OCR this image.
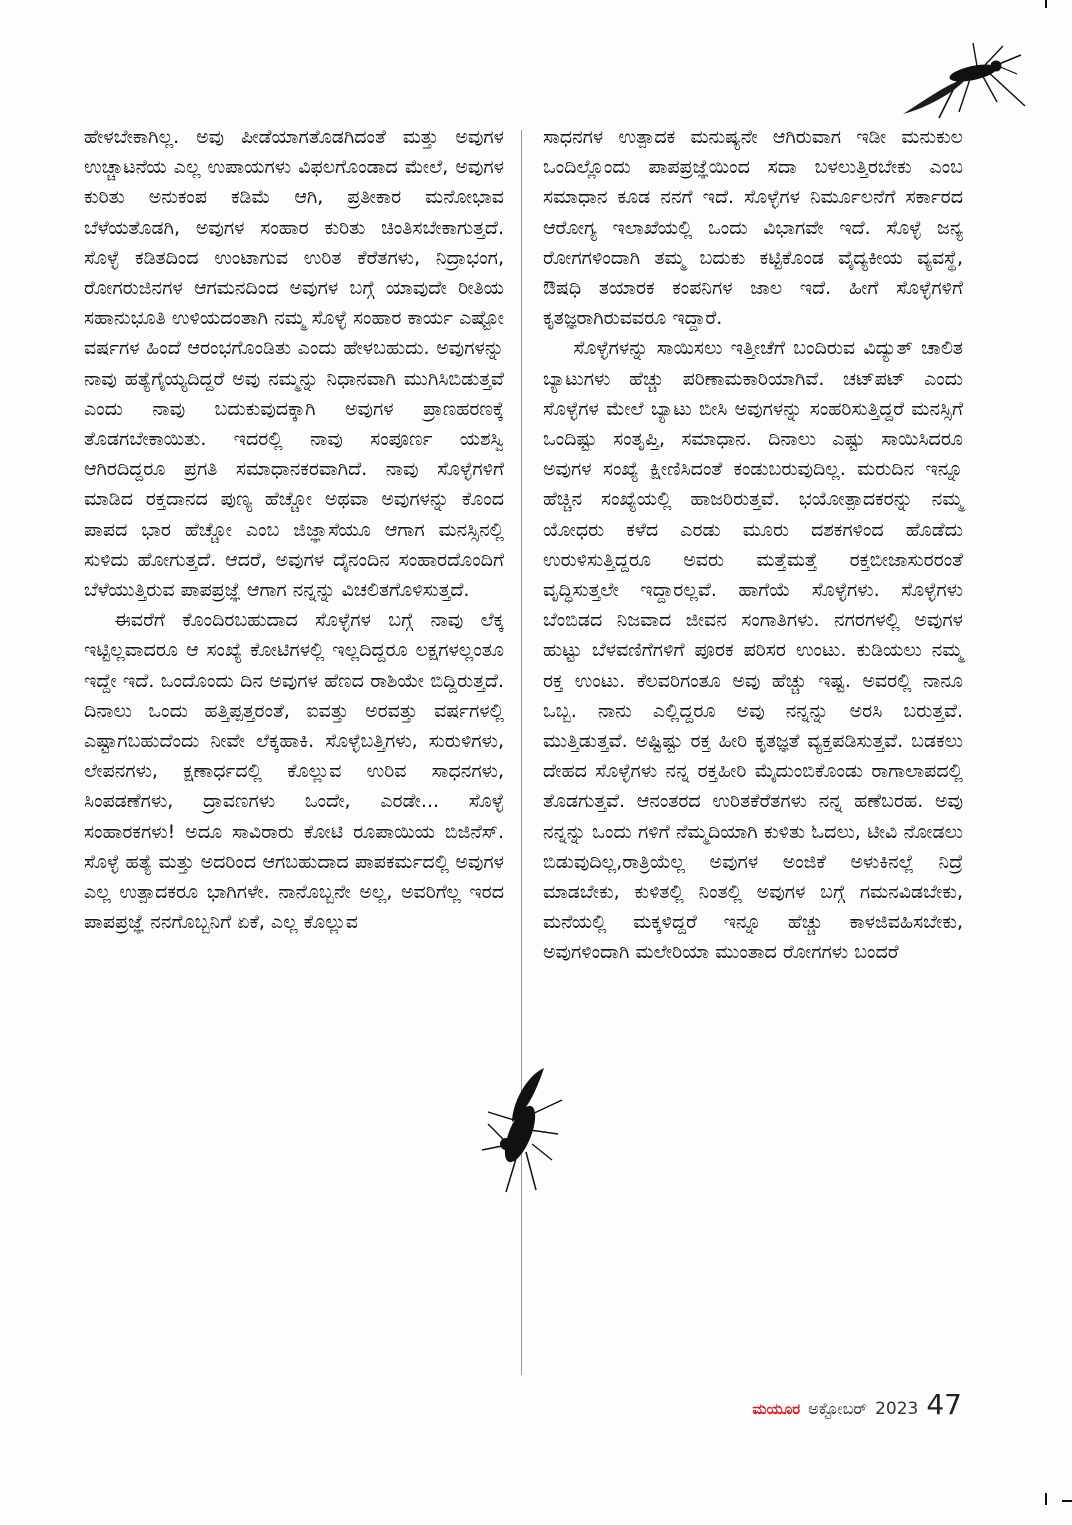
ಹೇಳಬೇಕಾಗಿಲ್ಲ. ಅವು ಪೀಡೆಯಾಗತೊಡಗಿದಂತೆ ಮತ್ತು ಅವುಗಳ ಉಚ್ಚಾಟನೆಯ ಎಲ್ಲ ಉಪಾಯಗಳು ವಿಫಲಗೊಂಡಾದ ಮೇಲೆ, ಅವುಗಳ ಕುರಿತು ಅನುಕಂಪ ಕಡಿಮೆ ಆಗಿ, ಪ್ರತೀಕಾರ ಮನೋಭಾವ ಬೆಳೆಯತೊಡಗಿ, ಅವುಗಳ ಸಂಹಾರ ಕುರಿತು ಚಿಂತಿಸಬೇಕಾಗುತ್ತದೆ. ಸೊಳ್ಳೆ ಕಡಿತದಿಂದ ಉಂಟಾಗುವ ಉರಿತ ಕೆರೆತಗಳು, ನಿದ್ರಾಭಂಗ, ರೋಗರುಜಿನಗಳ ಆಗಮನದಿಂದ ಅವುಗಳ ಬಗ್ಗೆ ಯಾವುದೇ ರೀತಿಯ ಸಹಾನುಭೂತಿ ಉಳಿಯದಂತಾಗಿ ನಮ್ಮ ಸೊಳ್ಳೆ ಸಂಹಾರ ಕಾರ್ಯ ಎಷ್ಟೋ ವರ್ಷಗಳ ಹಿಂದೆ ಆರಂಭಗೊಂಡಿತು ಎಂದು ಹೇಳಬಹುದು. ಅವುಗಳನ್ನು ನಾವು ಹತ್ಯೆಗೈಯ್ಯದಿದ್ದರೆ ಅವು ನಮ್ಮನ್ನು ನಿಧಾನವಾಗಿ ಮುಗಿಸಿಬಿಡುತ್ತವೆ ಎಂದು ನಾವು ಬದುಕುವುದಕ್ಕಾಗಿ ಅವುಗಳ ಪ್ರಾಣಹರಣಕ್ಕೆ ತೊಡಗಬೇಕಾಯಿತು. ಇದರಲ್ಲಿ ನಾವು ಸಂಪೂರ್ಣ ಯಶಸ್ವಿ ಆಗಿರದಿದ್ದರೂ ಪ್ರಗತಿ ಸಮಾಧಾನಕರವಾಗಿದೆ. ನಾವು ಸೊಳ್ಳೆಗಳಿಗೆ ಮಾಡಿದ ರಕ್ತದಾನದ ಪುಣ್ಯ ಹೆಚ್ಚೋ ಅಥವಾ ಅವುಗಳನ್ನು ಕೊಂದ ಪಾಪದ ಭಾರ ಹೆಚ್ಚೋ ಎಂಬ ಜಿಜ್ಞಾಸೆಯೂ ಆಗಾಗ ಮನಸ್ಸಿನಲ್ಲಿ ಸುಳಿದು ಹೋಗುತ್ತದೆ. ಆದರೆ, ಅವುಗಳ ದೈನಂದಿನ ಸಂಹಾರದೊಂದಿಗೆ ಬೆಳೆಯುತ್ತಿರುವ ಪಾಪಪ್ರಜ್ಞೆ ಆಗಾಗ ನನ್ನನ್ನು ವಿಚಲಿತಗೊಳಿಸುತ್ತದೆ.

ಈವರೆಗೆ ಕೊಂದಿರಬಹುದಾದ ಸೊಳ್ಳೆಗಳ ಬಗ್ಗೆ ನಾವು ಲೆಕ್ಕ ಇಟ್ಟಿಲ್ಲವಾದರೂ ಆ ಸಂಖ್ಯೆ ಕೋಟಿಗಳಲ್ಲಿ ಇಲ್ಲದಿದ್ದರೂ ಲಕ್ಷಗಳಲ್ಲಂತೂ ಇದ್ದೇ ಇದೆ. ಒಂದೊಂದು ದಿನ ಅವುಗಳ ಹೆಣದ ರಾಶಿಯೇ ಬಿದ್ದಿರುತ್ತದೆ. ದಿನಾಲು ಒಂದು ಹತ್ತಿಪ್ಪತ್ತರಂತೆ, ಐವತ್ತು ಅರವತ್ತು ವರ್ಷಗಳಲ್ಲಿ ಎಷ್ಟಾಗಬಹುದೆಂದು ನೀವೇ ಲೆಕ್ಕಹಾಕಿ. ಸೊಳ್ಳೆಬತ್ತಿಗಳು, ಸುರುಳಿಗಳು, ಲೇಪನಗಳು, ಕ್ಷಣಾರ್ಧದಲ್ಲಿ ಕೊಲ್ಲುವ ಉರಿವ ಸಾಧನಗಳು, ಸಿಂಪಡಣೆಗಳು, ದ್ರಾವಣಗಳು ಒಂದೇ, ಎರಡೇ... ಸೊಳ್ಳೆ ಸಂಹಾರಕಗಳು! ಅದೂ ಸಾವಿರಾರು ಕೋಟಿ ರೂಪಾಯಿಯ ಬಿಜಿನೆಸ್. ಸೊಳ್ಳೆ ಹತ್ಯೆ ಮತ್ತು ಅದರಿಂದ ಆಗಬಹುದಾದ ಪಾಪಕರ್ಮದಲ್ಲಿ ಅವುಗಳ ಎಲ್ಲ ಉತ್ಪಾದಕರೂ ಭಾಗಿಗಳೇ. ನಾನೊಬ್ಬನೇ ಅಲ್ಲ, ಅವರಿಗೆಲ್ಲ ಇರದ ಪಾಪಪ್ರಜ್ಞೆ ನನಗೊಬ್ಬನಿಗೆ ಏಕೆ, ಎಲ್ಲ ಕೊಲ್ಲುವ

ಸಾಧನಗಳ ಉತ್ಪಾದಕ ಮನುಷ್ಯನೇ ಆಗಿರುವಾಗ ಇಡೀ ಮನುಕುಲ ಒಂದಿಲ್ಲೊಂದು ಪಾಪಪ್ರಜ್ಞೆಯಿಂದ ಸದಾ ಬಳಲುತ್ತಿರಬೇಕು ಎಂಬ ಸಮಾಧಾನ ಕೂಡ ನನಗೆ ಇದೆ. ಸೊಳ್ಳೆಗಳ ನಿರ್ಮೂಲನೆಗೆ ಸರ್ಕಾರದ ಆರೋಗ್ಯ ಇಲಾಖೆಯಲ್ಲಿ ಒಂದು ವಿಭಾಗವೇ ಇದೆ. ಸೊಳ್ಳೆ ಜನ್ಯ ರೋಗಗಳಿಂದಾಗಿ ತಮ್ಮ ಬದುಕು ಕಟ್ಟಿಕೊಂಡ ವೈದ್ಯಕೀಯ ವ್ಯವಸ್ಥೆ, ಔಷಧಿ ತಯಾರಕ ಕಂಪನಿಗಳ ಜಾಲ ಇದೆ. ಹೀಗೆ ಸೊಳ್ಳೆಗಳಿಗೆ ಕೃತಜ್ಞರಾಗಿರುವವರೂ ಇದ್ದಾರೆ.

ಸೊಳ್ಳೆಗಳನ್ನು ಸಾಯಿಸಲು ಇತ್ತೀಚೆಗೆ ಬಂದಿರುವ ವಿದ್ಯುತ್ ಚಾಲಿತ ಬ್ಯಾಟುಗಳು ಹೆಚ್ಚು ಪರಿಣಾಮಕಾರಿಯಾಗಿವೆ. ಚಟ್‌ಪಟ್ ಎಂದು ಸೊಳ್ಳೆಗಳ ಮೇಲೆ ಬ್ಯಾಟು ಬೀಸಿ ಅವುಗಳನ್ನು ಸಂಹರಿಸುತ್ತಿದ್ದರೆ ಮನಸ್ಸಿಗೆ ಒಂದಿಷ್ಟು ಸಂತೃಪ್ತಿ, ಸಮಾಧಾನ. ದಿನಾಲು ಎಷ್ಟು ಸಾಯಿಸಿದರೂ ಅವುಗಳ ಸಂಖ್ಯೆ ಕ್ಷೀಣಿಸಿದಂತೆ ಕಂಡುಬರುವುದಿಲ್ಲ. ಮರುದಿನ ಇನ್ನೂ ಹೆಚ್ಚಿನ ಸಂಖ್ಯೆಯಲ್ಲಿ ಹಾಜರಿರುತ್ತವೆ. ಭಯೋತ್ಪಾದಕರನ್ನು ನಮ್ಮ ಯೋಧರು ಕಳೆದ ಎರಡು ಮೂರು ದಶಕಗಳಿಂದ ಹೊಡೆದು ಉರುಳಿಸುತ್ತಿದ್ದರೂ ಅವರು ಮತ್ತೆಮತ್ತೆ ರಕ್ತಬೀಜಾಸುರರಂತೆ ವೃದ್ಧಿಸುತ್ತಲೇ ಇದ್ದಾರಲ್ಲವೆ. ಹಾಗೆಯೆ ಸೊಳ್ಳೆಗಳು. ಸೊಳ್ಳೆಗಳು ಬೆಂಬಿಡದ ನಿಜವಾದ ಜೀವನ ಸಂಗಾತಿಗಳು. ನಗರಗಳಲ್ಲಿ ಅವುಗಳ ಹುಟ್ಟು ಬೆಳವಣಿಗೆಗಳಿಗೆ ಪೂರಕ ಪರಿಸರ ಉಂಟು. ಕುಡಿಯಲು ನಮ್ಮ ರಕ್ತ ಉಂಟು. ಕೆಲವರಿಗಂತೂ ಅವು ಹೆಚ್ಚು ಇಷ್ಟ. ಅವರಲ್ಲಿ ನಾನೂ ಒಬ್ಬ. ನಾನು ಎಲ್ಲಿದ್ದರೂ ಅವು ನನ್ನನ್ನು ಅರಸಿ ಬರುತ್ತವೆ. ಮುತ್ತಿಡುತ್ತವೆ. ಅಷ್ಟಿಷ್ಟು ರಕ್ತ ಹೀರಿ ಕೃತಜ್ಞತೆ ವ್ಯಕ್ತಪಡಿಸುತ್ತವೆ. ಬಡಕಲು ದೇಹದ ಸೊಳ್ಳೆಗಳು ನನ್ನ ರಕ್ತಹೀರಿ ಮೈದುಂಬಿಕೊಂಡು ರಾಗಾಲಾಪದಲ್ಲಿ ತೊಡಗುತ್ತವೆ. ಆನಂತರದ ಉರಿತಕೆರೆತಗಳು ನನ್ನ ಹಣೆಬರಹ. ಅವು ನನ್ನನ್ನು ಒಂದು ಗಳಿಗೆ ನೆಮ್ಮದಿಯಾಗಿ ಕುಳಿತು ಓದಲು, ಟೀವಿ ನೋಡಲು ಬಿಡುವುದಿಲ್ಲ,ರಾತ್ರಿಯೆಲ್ಲ ಅವುಗಳ ಅಂಜಿಕೆ ಅಳುಕಿನಲ್ಲೆ ನಿದ್ರೆ ಮಾಡಬೇಕು, ಕುಳಿತಲ್ಲಿ ನಿಂತಲ್ಲಿ ಅವುಗಳ ಬಗ್ಗೆ ಗಮನವಿಡಬೇಕು, ಮನೆಯಲ್ಲಿ ಮಕ್ಕಳಿದ್ದರೆ ಇನ್ನೂ ಹೆಚ್ಚು ಕಾಳಜಿವಹಿಸಬೇಕು, ಅವುಗಳಿಂದಾಗಿ ಮಲೇರಿಯಾ ಮುಂತಾದ ರೋಗಗಳು ಬಂದರೆ

ಮಯೂರ ಅಕ್ಟೋಬರ್ 2023 47
